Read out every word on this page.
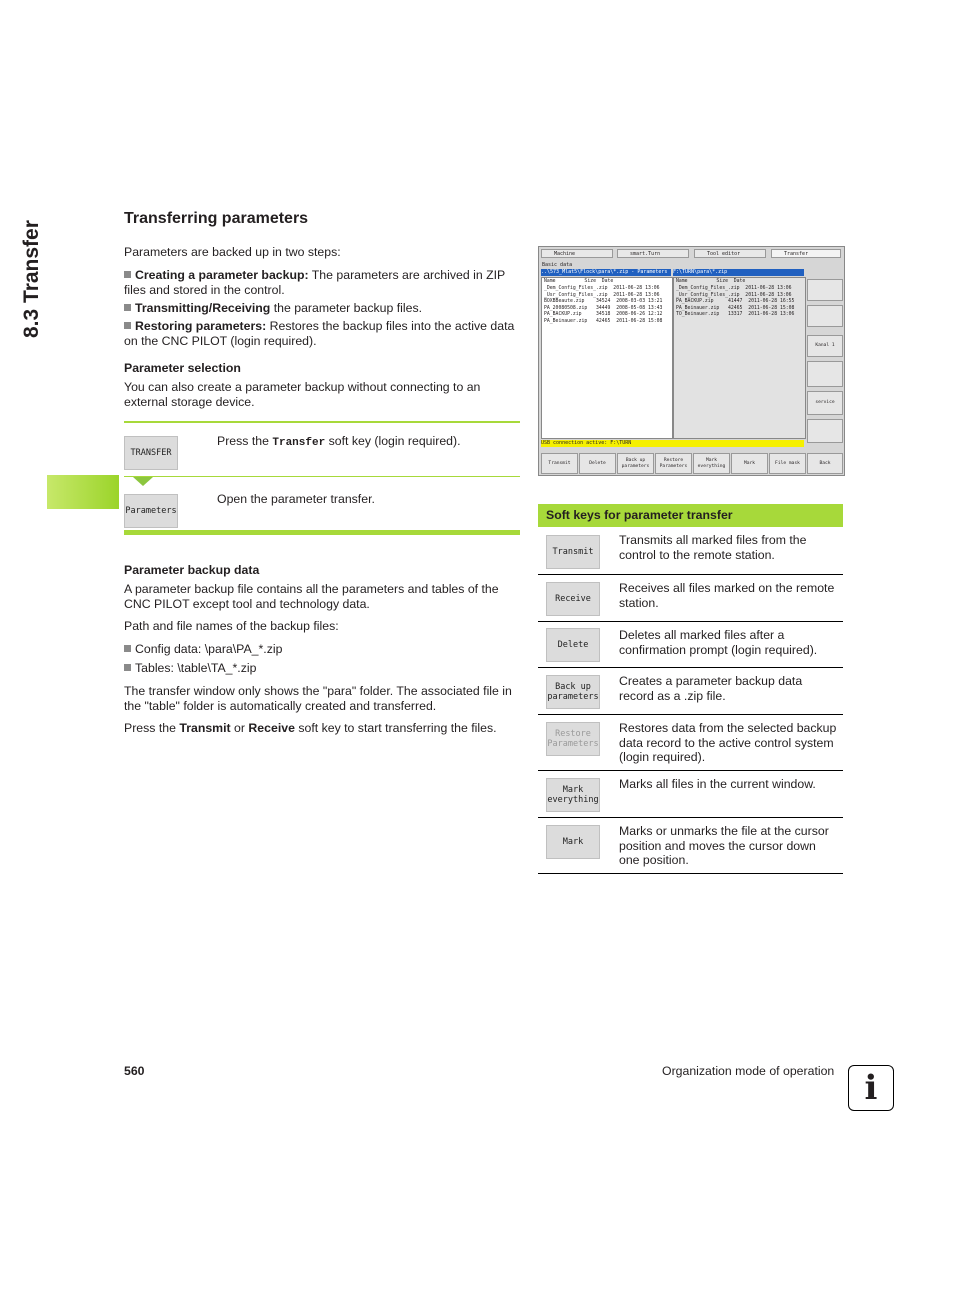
8.3 Transfer
Transferring parameters
Parameters are backed up in two steps:
Creating a parameter backup: The parameters are archived in ZIP files and stored in the control.
Transmitting/Receiving the parameter backup files.
Restoring parameters: Restores the backup files into the active data on the CNC PILOT (login required).
Parameter selection
You can also create a parameter backup without connecting to an external storage device.
TRANSFER
Press the Transfer soft key (login required).
Parameters
Open the parameter transfer.
Parameter backup data
A parameter backup file contains all the parameters and tables of the CNC PILOT except tool and technology data.
Path and file names of the backup files:
Config data: \para\PA_*.zip
Tables: \table\TA_*.zip
The transfer window only shows the "para" folder. The associated file in the "table" folder is automatically created and transferred.
Press the Transmit or Receive soft key to start transferring the files.
Machine	smart.Turn	Tool editor	Transfer
Basic data
..\573_Mlat5\Flock\para\*.zip - Parameters	F:\TURN\para\*.zip
Name          Size  Date
_Dem_Config_Files_.zip  2011-06-28 13:06
_Usr_Config_Files_.zip  2011-06-28 13:06
BOXBBeaute.zip    34524  2008-03-03 13:21
PA_20080508.zip   34449  2008-05-08 13:43
PA_BACKUP.zip     34518  2008-06-26 12:12
PA_Beinauer.zip   42465  2011-06-28 15:08
Name          Size  Date
_Dem_Config_Files_.zip  2011-06-28 13:06
_Usr_Config_Files_.zip  2011-06-28 13:06
PA_BACKUP.zip     41447  2011-06-28 16:55
PA_Beinauer.zip   42465  2011-06-28 15:08
TO_Beinauer.zip   13317  2011-06-28 13:06
USB connection active: F:\TURN
Kanal 1
service
Transmit	Delete
Back up parameters
Restore Parameters
Mark everything
Mark	File mask	Back
Soft keys for parameter transfer
Transmit
Transmits all marked files from the control to the remote station.
Receive
Receives all files marked on the remote station.
Delete
Deletes all marked files after a confirmation prompt (login required).
Back up parameters
Creates a parameter backup data record as a .zip file.
Restore Parameters
Restores data from the selected backup data record to the active control system (login required).
Mark everything
Marks all files in the current window.
Mark
Marks or unmarks the file at the cursor position and moves the cursor down one position.
560	Organization mode of operation i
